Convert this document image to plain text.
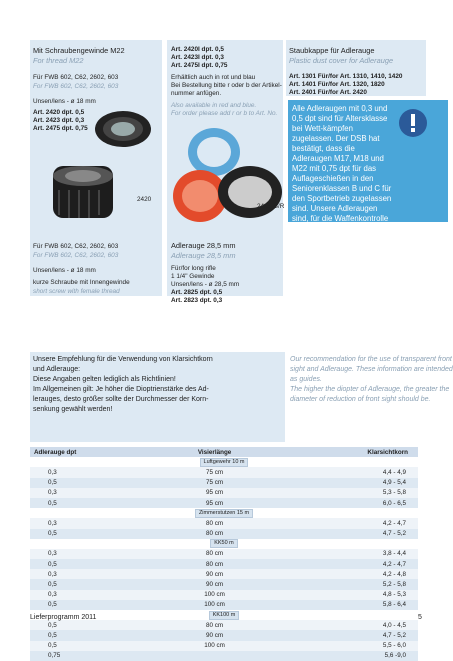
Mit Schraubengewinde M22
For thread M22
Für FWB 602, C62, 2602, 603
For FWB 602, C62, 2602, 603
Unsen/lens - ø 18 mm
Art. 2420 dpt. 0,5
Art. 2423 dpt. 0,3
Art. 2475 dpt. 0,75
2420
Für FWB 602, C62, 2602, 603
For FWB 602, C62, 2602, 603
Unsen/lens - ø 18 mm
kurze Schraube mit Innengewinde
short screw with female thread
Art. 2420I dpt. 0,5
Art. 2423I dpt. 0,3
Art. 2475I dpt. 0,75
Erhältlich auch in rot und blau
Bei Bestellung bitte r oder b der Artikel-
nummer anfügen.
Also available in red and blue.
For order please add r or b to Art. No.
24xxl B/R
Adlerauge 28,5 mm
Adlerauge 28,5 mm
Für/for long rifle
1 1/4" Gewinde
Unsen/lens - ø 28,5 mm
Art. 2825 dpt. 0,5
Art. 2823 dpt. 0,3
Staubkappe für Adleraugе
Plastic dust cover for Adleraugе
Art. 1301 Für/for Art. 1310, 1410, 1420
Art. 1401 Für/for Art. 1320, 1820
Art. 2401 Für/for Art. 2420

Alle Adleraugen mit 0,3 und 0,5 dpt sind für Altersklasse bei Wett-kämpfen zugelassen. Der DSB hat bestätigt, dass die Adleraugen M17, M18 und M22 mit 0,75 dpt für das Auflageschießen in den Seniorenklassen B und C für den Sportbetrieb zugelassen sind. Unsere Adleraugen sind, für die Waffenkontrolle sofort ersichtlich, mit der Dioptrinzahl gekennzeichnet.

Unsere Empfehlung für die Verwendung von Klarsichtkorn
und Adleraugе:
Diese Angaben gelten lediglich als Richtlinien!
Im Allgemeinen gilt: Je höher die Dioptrienstärke des Ad-
lerauges, desto größer sollte der Durchmesser der Korn-
senkung gewählt werden!
Our recommendation for the use of transparent front
sight and Adleraugе. These information are intended
as guides.
The higher the diopter of Adleraugе, the greater the
diameter of reduction of front sight should be.
Adleraugе dpt	Visierlänge	Klarsichtkorn
Luftgewehr 10 m		
0,3	75 cm	4,4 - 4,9
0,5	75 cm	4,9 - 5,4
0,3	95 cm	5,3 - 5,8
0,5	95 cm	6,0 - 6,5
Zimmerstutzen 15 m		
0,3	80 cm	4,2 - 4,7
0,5	80 cm	4,7 - 5,2
KK50 m		
0,3	80 cm	3,8 - 4,4
0,5	80 cm	4,2 - 4,7
0,3	90 cm	4,2 - 4,8
0,5	90 cm	5,2 - 5,8
0,3	100 cm	4,8 - 5,3
0,5	100 cm	5,8 - 6,4
KK100 m		
0,5	80 cm	4,0 - 4,5
0,5	90 cm	4,7 - 5,2
0,5	100 cm	5,5 - 6,0
0,75		5,6 -9,0
Lieferprogramm 2011	5
